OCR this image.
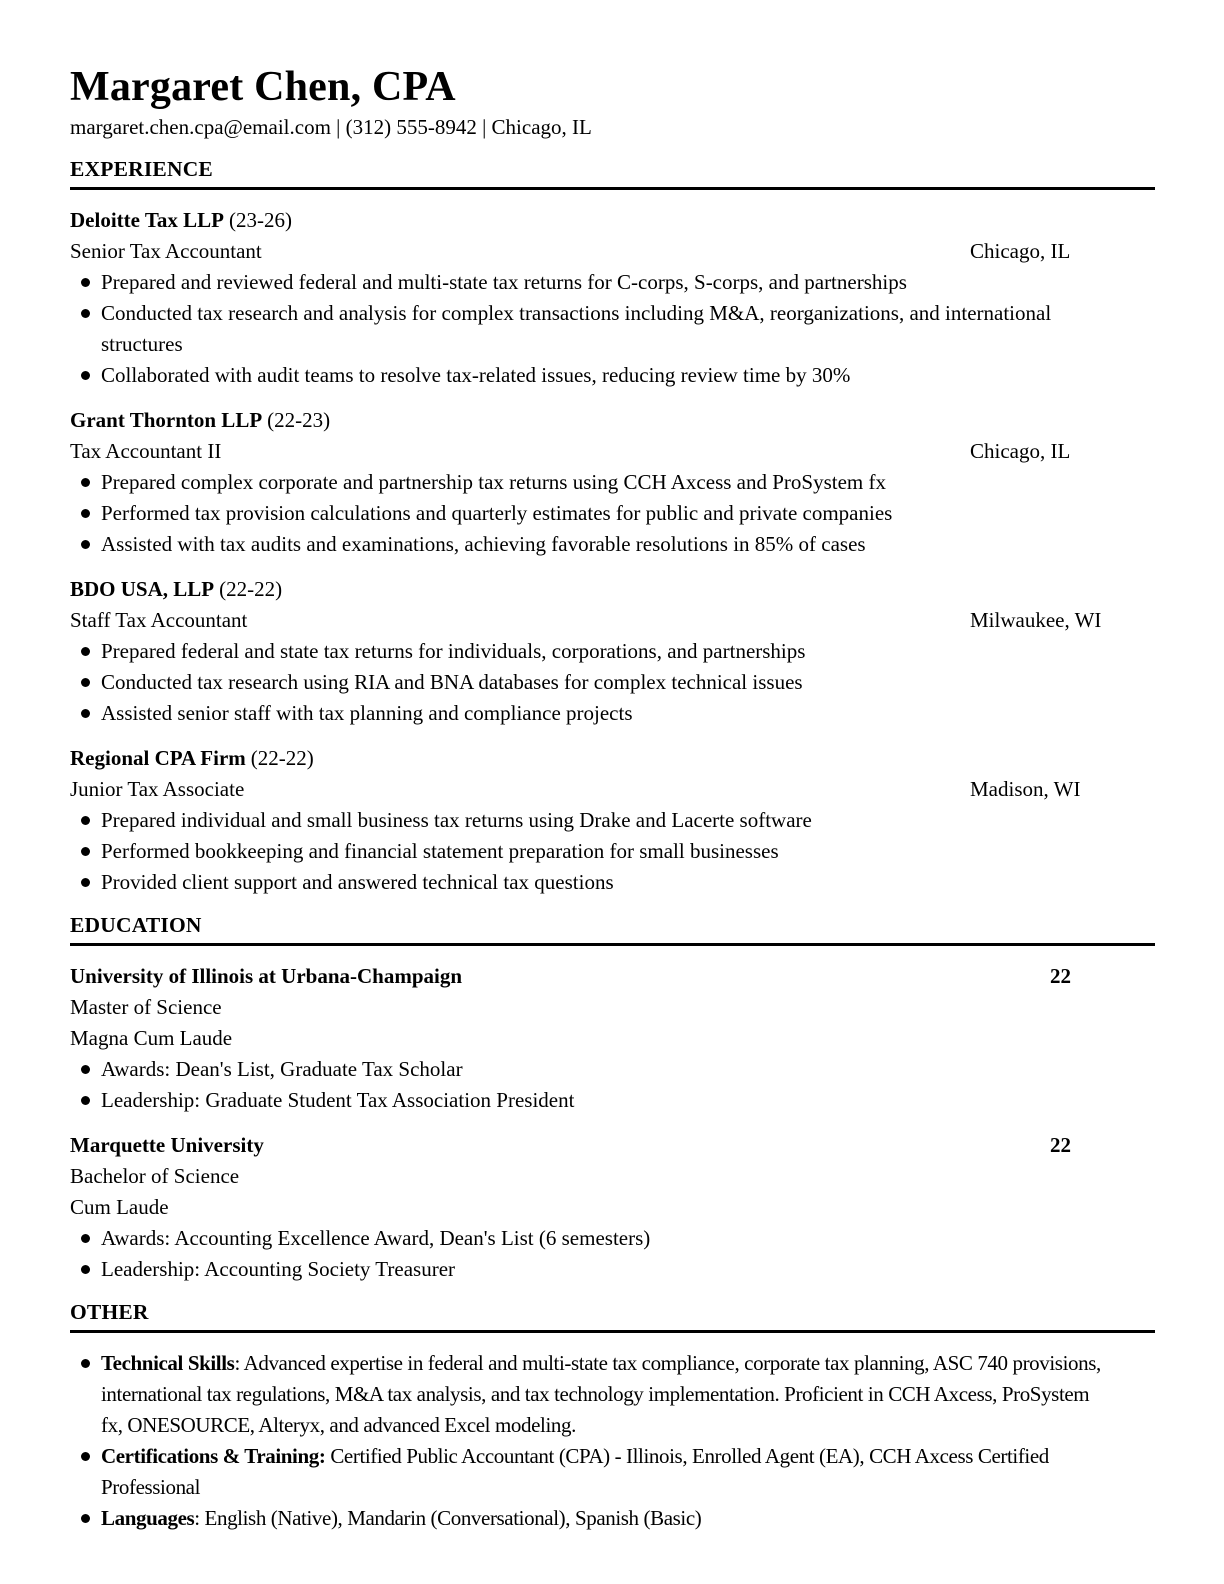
Margaret Chen, CPA
margaret.chen.cpa@email.com | (312) 555-8942 | Chicago, IL
EXPERIENCE
Deloitte Tax LLP (23-26)
Senior Tax Accountant	Chicago, IL
Prepared and reviewed federal and multi-state tax returns for C-corps, S-corps, and partnerships
Conducted tax research and analysis for complex transactions including M&A, reorganizations, and international structures
Collaborated with audit teams to resolve tax-related issues, reducing review time by 30%
Grant Thornton LLP (22-23)
Tax Accountant II	Chicago, IL
Prepared complex corporate and partnership tax returns using CCH Axcess and ProSystem fx
Performed tax provision calculations and quarterly estimates for public and private companies
Assisted with tax audits and examinations, achieving favorable resolutions in 85% of cases
BDO USA, LLP (22-22)
Staff Tax Accountant	Milwaukee, WI
Prepared federal and state tax returns for individuals, corporations, and partnerships
Conducted tax research using RIA and BNA databases for complex technical issues
Assisted senior staff with tax planning and compliance projects
Regional CPA Firm (22-22)
Junior Tax Associate	Madison, WI
Prepared individual and small business tax returns using Drake and Lacerte software
Performed bookkeeping and financial statement preparation for small businesses
Provided client support and answered technical tax questions
EDUCATION
University of Illinois at Urbana-Champaign	22
Master of Science
Magna Cum Laude
Awards: Dean's List, Graduate Tax Scholar
Leadership: Graduate Student Tax Association President
Marquette University	22
Bachelor of Science
Cum Laude
Awards: Accounting Excellence Award, Dean's List (6 semesters)
Leadership: Accounting Society Treasurer
OTHER
Technical Skills: Advanced expertise in federal and multi-state tax compliance, corporate tax planning, ASC 740 provisions, international tax regulations, M&A tax analysis, and tax technology implementation. Proficient in CCH Axcess, ProSystem fx, ONESOURCE, Alteryx, and advanced Excel modeling.
Certifications & Training: Certified Public Accountant (CPA) - Illinois, Enrolled Agent (EA), CCH Axcess Certified Professional
Languages: English (Native), Mandarin (Conversational), Spanish (Basic)
